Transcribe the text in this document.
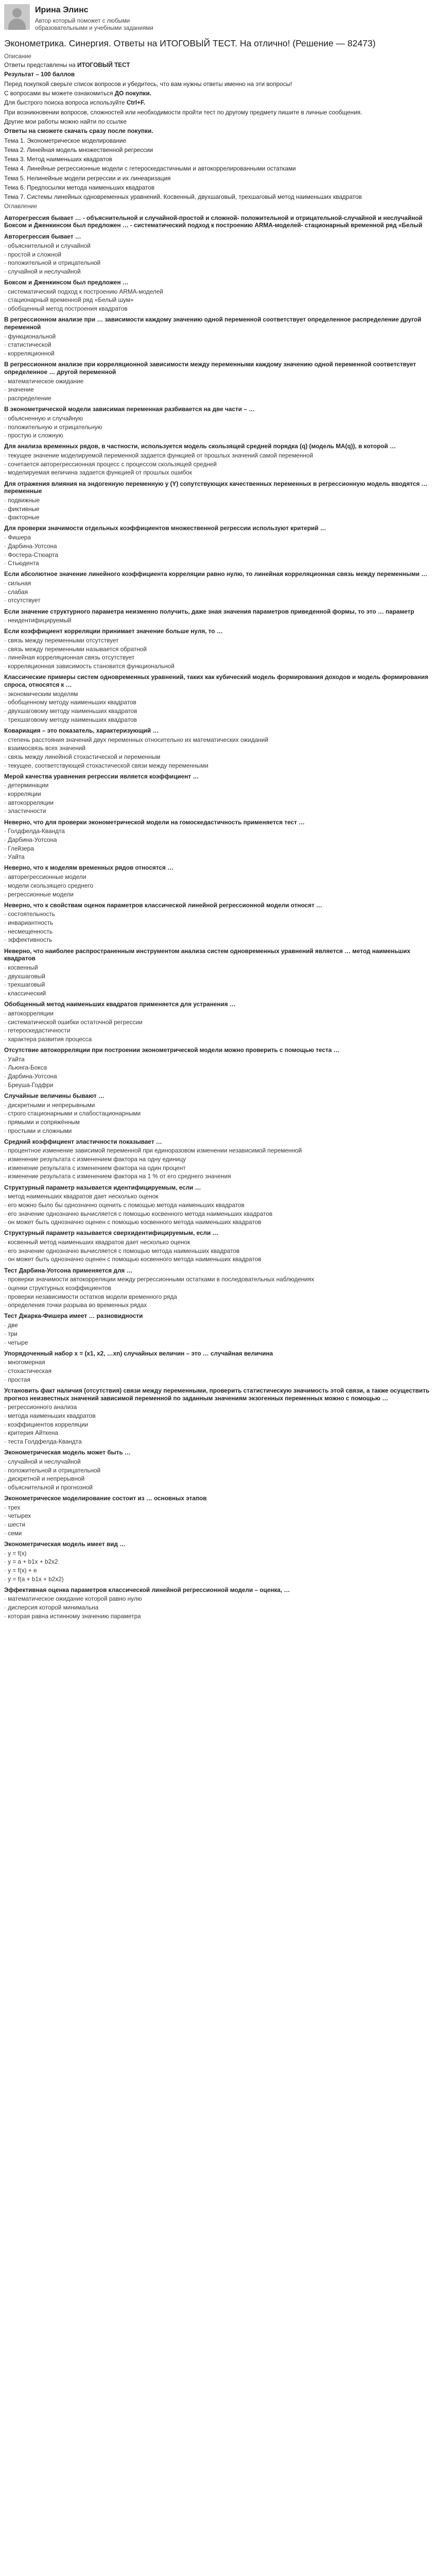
Ирина Элинс
Автор который поможет с любыми образовательными и учебными заданиями
Эконометрика. Синергия. Ответы на ИТОГОВЫЙ ТЕСТ. На отлично! (Решение — 82473)
Описание

Ответы представлены на ИТОГОВЫЙ ТЕСТ

Результат – 100 баллов

Перед покупкой сверьте список вопросов и убедитесь, что вам нужны ответы именно на эти вопросы!

С вопросами вы можете ознакомиться ДО покупки.

Для быстрого поиска вопроса используйте Ctrl+F.

При возникновении вопросов, сложностей или необходимости пройти тест по другому предмету пишите в личные сообщения.

Другие мои работы можно найти по ссылке

Ответы на сможете скачать сразу после покупки.

Тема 1. Эконометрическое моделирование

Тема 2. Линейная модель множественной регрессии

Тема 3. Метод наименьших квадратов

Тема 4. Линейные регрессионные модели с гетероскедастичными и автокоррелированными остатками

Тема 5. Нелинейные модели регрессии и их линеаризация

Тема 6. Предпосылки метода наименьших квадратов

Тема 7. Системы линейных одновременных уравнений. Косвенный, двухшаговый, трехшаговый метод наименьших квадратов

Оглавление
Авторегрессия бывает … - объяснительной и случайной-простой и сложной- положительной и отрицательной-случайной и неслучайной Боксом и Дженкинсом был предложен … - систематический подход к построению ARMA-моделей- стационарный временной ряд «Белый
Авторегрессия бывает …
· объяснительной и случайной
· простой и сложной
· положительной и отрицательной
· случайной и неслучайной
Боксом и Дженкинсом был предложен …
· систематический подход к построению ARMA-моделей
· стационарный временной ряд «Белый шум»
· обобщенный метод построения квадратов
В регрессионном анализе при … зависимости каждому значению одной переменной соответствует определенное распределение другой переменной
· функциональной
· статистической
· корреляционной
В регрессионном анализе при корреляционной зависимости между переменными каждому значению одной переменной соответствует определенное … другой переменной
· математическое ожидание
· значение
· распределение
В эконометрической модели зависимая переменная разбивается на две части – …
· объясненную и случайную
· положительную и отрицательную
· простую и сложную
Для анализа временных рядов, в частности, используется модель скользящей средней порядка (q) (модель MA(q)), в которой …
· текущее значение моделируемой переменной задается функцией от прошлых значений самой переменной
· сочетается авторегрессионная процесс с процессом скользящей средней
· моделируемая величина задается функцией от прошлых ошибок
Для отражения влияния на эндогенную переменную y (Y) сопутствующих качественных переменных в регрессионную модель вводятся … переменные
· подвижные
· фиктивные
· факторные
Для проверки значимости отдельных коэффициентов множественной регрессии используют критерий …
· Фишера
· Дарбина-Уотсона
· Фостера-Стюарта
· Стьюдента
Если абсолютное значение линейного коэффициента корреляции равно нулю, то линейная корреляционная связь между переменными …
· сильная
· слабая
· отсутствует
Если значение структурного параметра неизменно получить, даже зная значения параметров приведенной формы, то это … параметр
· неидентифицируемый
Если коэффициент корреляции принимает значение больше нуля, то …
· связь между переменными отсутствует
· связь между переменными называется обратной
· линейная корреляционная связь отсутствует
· корреляционная зависимость становится функциональной
Классические примеры систем одновременных уравнений, таких как кубический модель формирования доходов и модель формирования спроса, относятся к …
· экономическим моделям
· обобщенному методу наименьших квадратов
· двухшаговому методу наименьших квадратов
· трехшаговому методу наименьших квадратов
Ковариация – это показатель, характеризующий …
· степень расстояния значений двух переменных относительно их математических ожиданий
· взаимосвязь всех значений
· связь между линейной стохастической и переменным
· текущее, соответствующей стохастической связи между переменными
Мерой качества уравнения регрессии является коэффициент …
· детерминации
· корреляции
· автокорреляции
· эластичности
Неверно, что для проверки эконометрической модели на гомоскедастичность применяется тест …
· Голдфелда-Квандта
· Дарбина-Уотсона
· Глейзера
· Уайта
Неверно, что к моделям временных рядов относятся …
· авторегрессионные модели
· модели скользящего среднего
· регрессионные модели
Неверно, что к свойствам оценок параметров классической линейной регрессионной модели относят …
· состоятельность
· инвариантность
· несмещенность
· эффективность
Неверно, что наиболее распространенным инструментом анализа систем одновременных уравнений является … метод наименьших квадратов
· косвенный
· двухшаговый
· трехшаговый
· классический
Обобщенный метод наименьших квадратов применяется для устранения …
· автокорреляции
· систематической ошибки остаточной регрессии
· гетероскедастичности
· характера развития процесса
Отсутствие автокорреляции при построении эконометрической модели можно проверить с помощью теста …
· Уайта
· Льюнга-Бокса
· Дарбина-Уотсона
· Бреуша-Годфри
Случайные величины бывают …
· дискретными и непрерывными
· строго стационарными и слабостационарными
· прямыми и сопряжённым
· простыми и сложными
Средний коэффициент эластичности показывает …
· процентное изменение зависимой переменной при единоразовом изменении независимой переменной
· изменение результата с изменением фактора на одну единицу
· изменение результата с изменением фактора на один процент
· изменение результата с изменением фактора на 1 % от его среднего значения
Структурный параметр называется идентифицируемым, если …
· метод наименьших квадратов дает несколько оценок
· его можно было бы однозначно оценить с помощью метода наименьших квадратов
· его значение однозначно вычисляется с помощью косвенного метода наименьших квадратов
· он может быть однозначно оценен с помощью косвенного метода наименьших квадратов
Структурный параметр называется сверхидентифицируемым, если …
· косвенный метод наименьших квадратов дает несколько оценок
· его значение однозначно вычисляется с помощью метода наименьших квадратов
· он может быть однозначно оценен с помощью косвенного метода наименьших квадратов
Тест Дарбина-Уотсона применяется для …
· проверки значимости автокорреляции между регрессионными остатками в последовательных наблюдениях
· оценки структурных коэффициентов
· проверки независимости остатков модели временного ряда
· определения точки разрыва во временных рядах
Тест Джарка-Фишера имеет … разновидности
· две
· три
· четыре
Упорядоченный набор x = (x1, x2, …xn) случайных величин – это … случайная величина
· многомерная
· стохастическая
· простая
Установить факт наличия (отсутствия) связи между переменными, проверить статистическую значимость этой связи, а также осуществить прогноз неизвестных значений зависимой переменной по заданным значениям экзогенных переменных можно с помощью …
· регрессионного анализа
· метода наименьших квадратов
· коэффициентов корреляции
· критерия Айткена
· теста Голдфелда-Квандта
Эконометрическая модель может быть …
· случайной и неслучайной
· положительной и отрицательной
· дискретной и непрерывной
· объяснительной и прогнозной
Эконометрическое моделирование состоит из … основных этапов
· трех
· четырех
· шести
· семи
Эконометрическая модель имеет вид …
· y = f(x)
· y = a + b1x + b2x2
· y = f(x) + e
· y = f(a + b1x + b2x2)
Эффективная оценка параметров классической линейной регрессионной модели – оценка, …
· математическое ожидание которой равно нулю
· дисперсия которой минимальна
· которая равна истинному значению параметра
